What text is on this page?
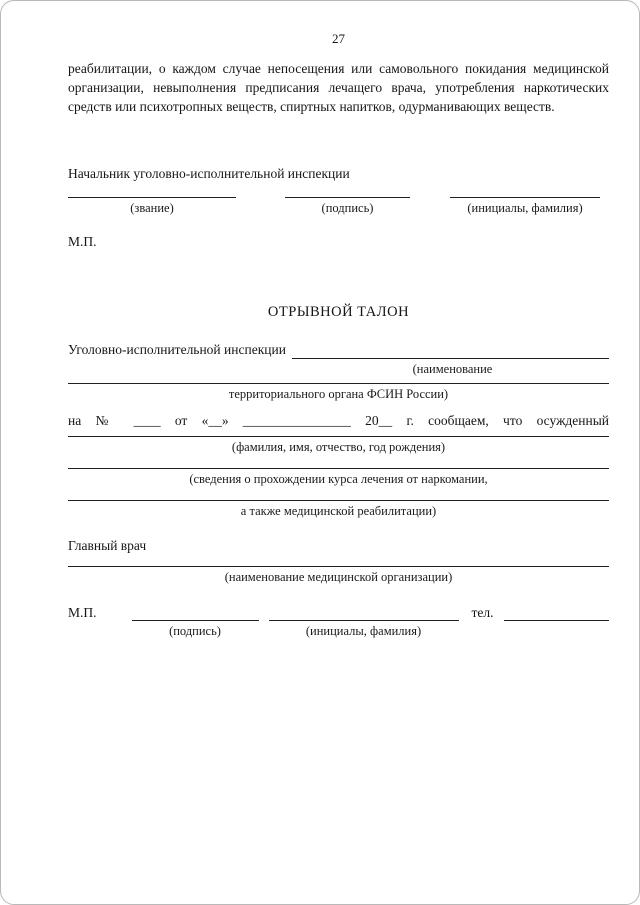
27

реабилитации, о каждом случае непосещения или самовольного покидания медицинской организации, невыполнения предписания лечащего врача, употребления наркотических средств или психотропных веществ, спиртных напитков, одурманивающих веществ.

Начальник уголовно-исполнительной инспекции
(звание)	(подпись)	(инициалы, фамилия)
М.П.
ОТРЫВНОЙ ТАЛОН
Уголовно-исполнительной инспекции
(наименование
территориального органа ФСИН России)
на № ____ от «__» ________________ 20__ г. сообщаем, что осужденный
(фамилия, имя, отчество, год рождения)
(сведения о прохождении курса лечения от наркомании,
а также медицинской реабилитации)
Главный врач
(наименование медицинской организации)
М.П.
(подпись)	(инициалы, фамилия)
тел.
